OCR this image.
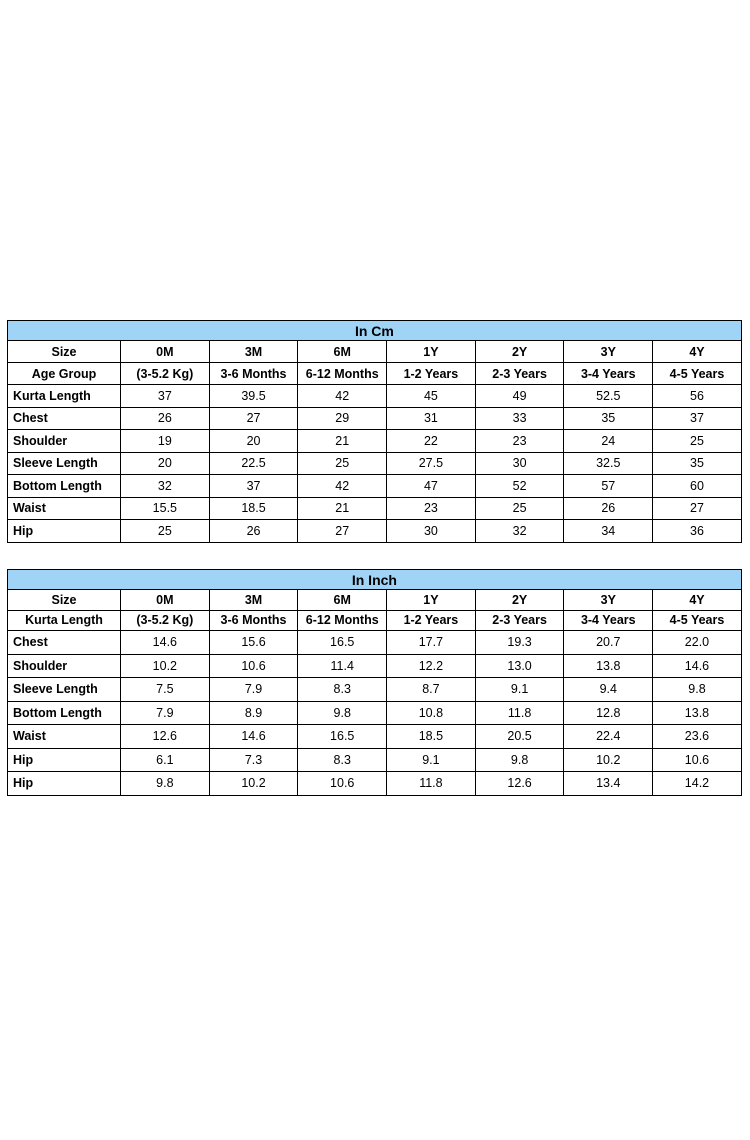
In Cm							
Size	0M	3M	6M	1Y	2Y	3Y	4Y
Age Group	(3-5.2 Kg)	3-6 Months	6-12 Months	1-2 Years	2-3 Years	3-4 Years	4-5 Years
Kurta Length	37	39.5	42	45	49	52.5	56
Chest	26	27	29	31	33	35	37
Shoulder	19	20	21	22	23	24	25
Sleeve Length	20	22.5	25	27.5	30	32.5	35
Bottom Length	32	37	42	47	52	57	60
Waist	15.5	18.5	21	23	25	26	27
Hip	25	26	27	30	32	34	36
In Inch							
Size	0M	3M	6M	1Y	2Y	3Y	4Y
Kurta Length	(3-5.2 Kg)	3-6 Months	6-12 Months	1-2 Years	2-3 Years	3-4 Years	4-5 Years
Chest	14.6	15.6	16.5	17.7	19.3	20.7	22.0
Shoulder	10.2	10.6	11.4	12.2	13.0	13.8	14.6
Sleeve Length	7.5	7.9	8.3	8.7	9.1	9.4	9.8
Bottom Length	7.9	8.9	9.8	10.8	11.8	12.8	13.8
Waist	12.6	14.6	16.5	18.5	20.5	22.4	23.6
Hip	6.1	7.3	8.3	9.1	9.8	10.2	10.6
Hip	9.8	10.2	10.6	11.8	12.6	13.4	14.2
